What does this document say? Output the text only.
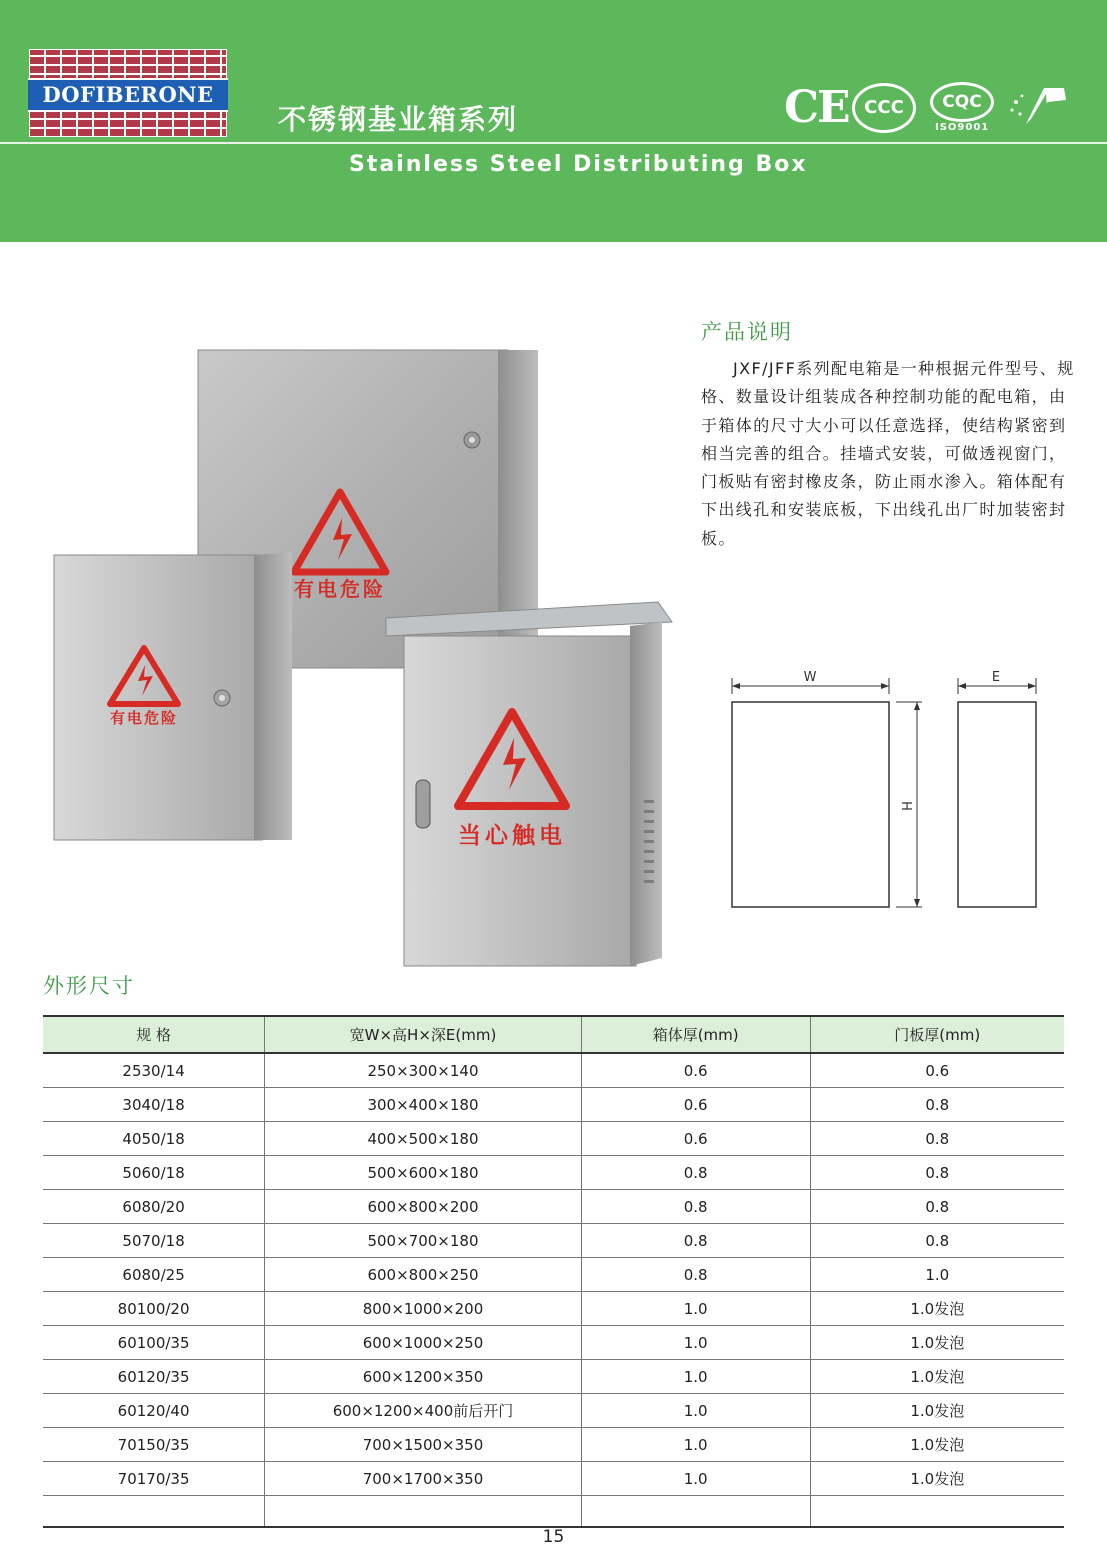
DOFIBERONE
不锈钢基业箱系列
Stainless Steel Distributing Box
CE CCC	CQC
ISO9001
产品说明
JXF/JFF系列配电箱是一种根据元件型号、规格、数量设计组装成各种控制功能的配电箱，由于箱体的尺寸大小可以任意选择，使结构紧密到相当完善的组合。挂墙式安装，可做透视窗门，门板贴有密封橡皮条，防止雨水渗入。箱体配有下出线孔和安装底板，下出线孔出厂时加装密封板。
有电危险
有电危险
当心触电
W
H
E
外形尺寸
规 格	宽W×高H×深E(mm)	箱体厚(mm)	门板厚(mm)
2530/14	250×300×140	0.6	0.6
3040/18	300×400×180	0.6	0.8
4050/18	400×500×180	0.6	0.8
5060/18	500×600×180	0.8	0.8
6080/20	600×800×200	0.8	0.8
5070/18	500×700×180	0.8	0.8
6080/25	600×800×250	0.8	1.0
80100/20	800×1000×200	1.0	1.0发泡
60100/35	600×1000×250	1.0	1.0发泡
60120/35	600×1200×350	1.0	1.0发泡
60120/40	600×1200×400前后开门	1.0	1.0发泡
70150/35	700×1500×350	1.0	1.0发泡
70170/35	700×1700×350	1.0	1.0发泡

15
